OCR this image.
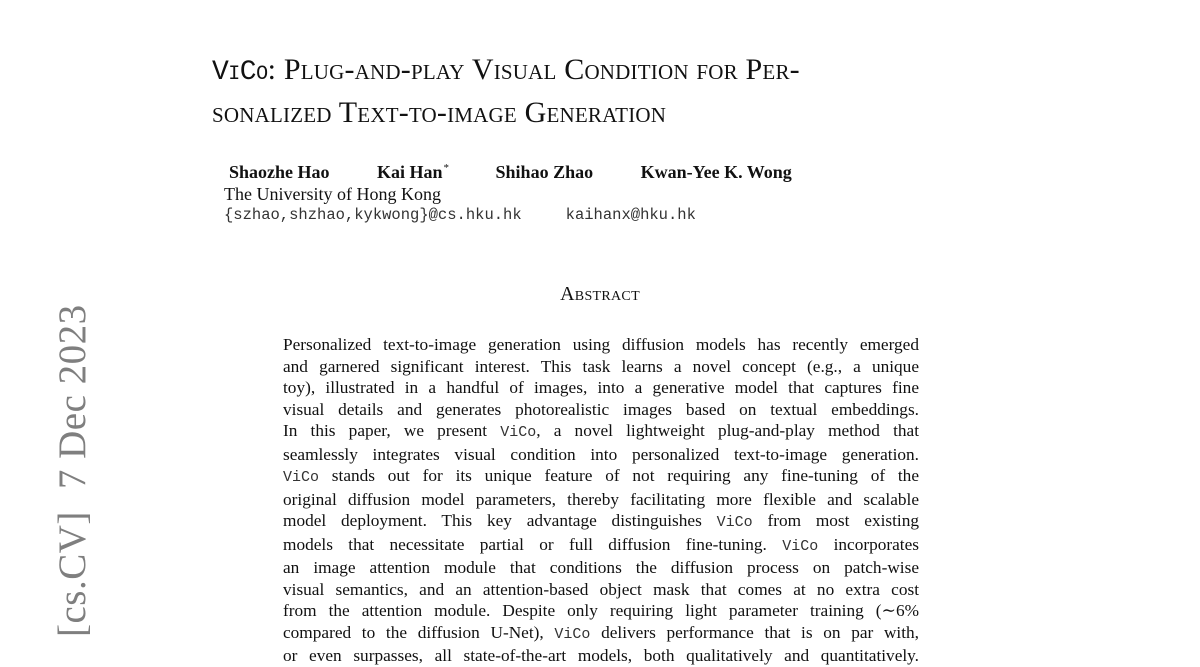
[cs.CV]7 Dec 2023
ViCo: Plug-and-play Visual Condition for Per-
sonalized Text-to-image Generation
Shaozhe Hao	Kai Han*	Shihao Zhao	Kwan-Yee K. Wong
The University of Hong Kong
{szhao,shzhao,kykwong}@cs.hku.hk	kaihanx@hku.hk
Abstract
Personalized text-to-image generation using diffusion models has recently emerged
and garnered significant interest. This task learns a novel concept (e.g., a unique
toy), illustrated in a handful of images, into a generative model that captures fine
visual details and generates photorealistic images based on textual embeddings.
In this paper, we present ViCo, a novel lightweight plug-and-play method that
seamlessly integrates visual condition into personalized text-to-image generation.
ViCo stands out for its unique feature of not requiring any fine-tuning of the
original diffusion model parameters, thereby facilitating more flexible and scalable
model deployment. This key advantage distinguishes ViCo from most existing
models that necessitate partial or full diffusion fine-tuning. ViCo incorporates
an image attention module that conditions the diffusion process on patch-wise
visual semantics, and an attention-based object mask that comes at no extra cost
from the attention module. Despite only requiring light parameter training (∼6%
compared to the diffusion U-Net), ViCo delivers performance that is on par with,
or even surpasses, all state-of-the-art models, both qualitatively and quantitatively.
